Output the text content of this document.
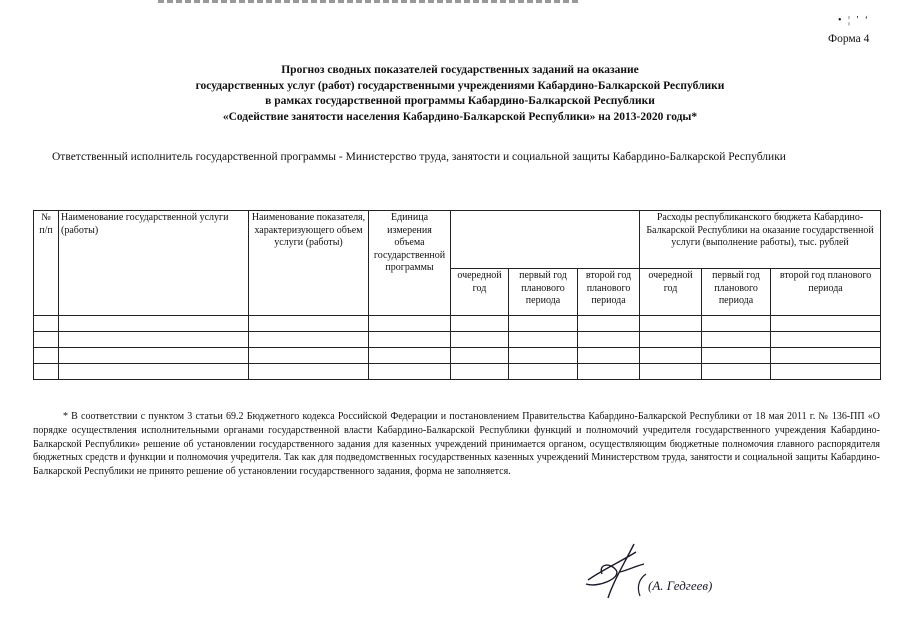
• ¦ ' ‘
Форма 4
Прогноз сводных показателей государственных заданий на оказание
государственных услуг (работ) государственными учреждениями Кабардино-Балкарской Республики
в рамках государственной программы Кабардино-Балкарской Республики
«Содействие занятости населения Кабардино-Балкарской Республики» на 2013-2020 годы*
Ответственный исполнитель государственной программы - Министерство труда, занятости и социальной защиты Кабардино-Балкарской Республики
№ п/п	Наименование государственной услуги (работы)	Наименование показателя, характеризующего объем услуги (работы)	Единица измерения объема государственной программы				Расходы республиканского бюджета Кабардино-Балкарской Республики на оказание государственной услуги (выполнение работы), тыс. рублей		
				очередной год	первый год планового периода	второй год планового периода	очередной год	первый год планового периода	второй год планового периода

* В соответствии с пунктом 3 статьи 69.2 Бюджетного кодекса Российской Федерации и постановлением Правительства Кабардино-Балкарской Республики от 18 мая 2011 г. № 136-ПП «О порядке осуществления исполнительными органами государственной власти Кабардино-Балкарской Республики функций и полномочий учредителя государственного учреждения Кабардино-Балкарской Республики» решение об установлении государственного задания для казенных учреждений принимается органом, осуществляющим бюджетные полномочия главного распорядителя бюджетных средств и функции и полномочия учредителя. Так как для подведомственных государственных казенных учреждений Министерством труда, занятости и социальной защиты Кабардино-Балкарской Республики не принято решение об установлении государственного задания, форма не заполняется.
(А. Гедгеев)
